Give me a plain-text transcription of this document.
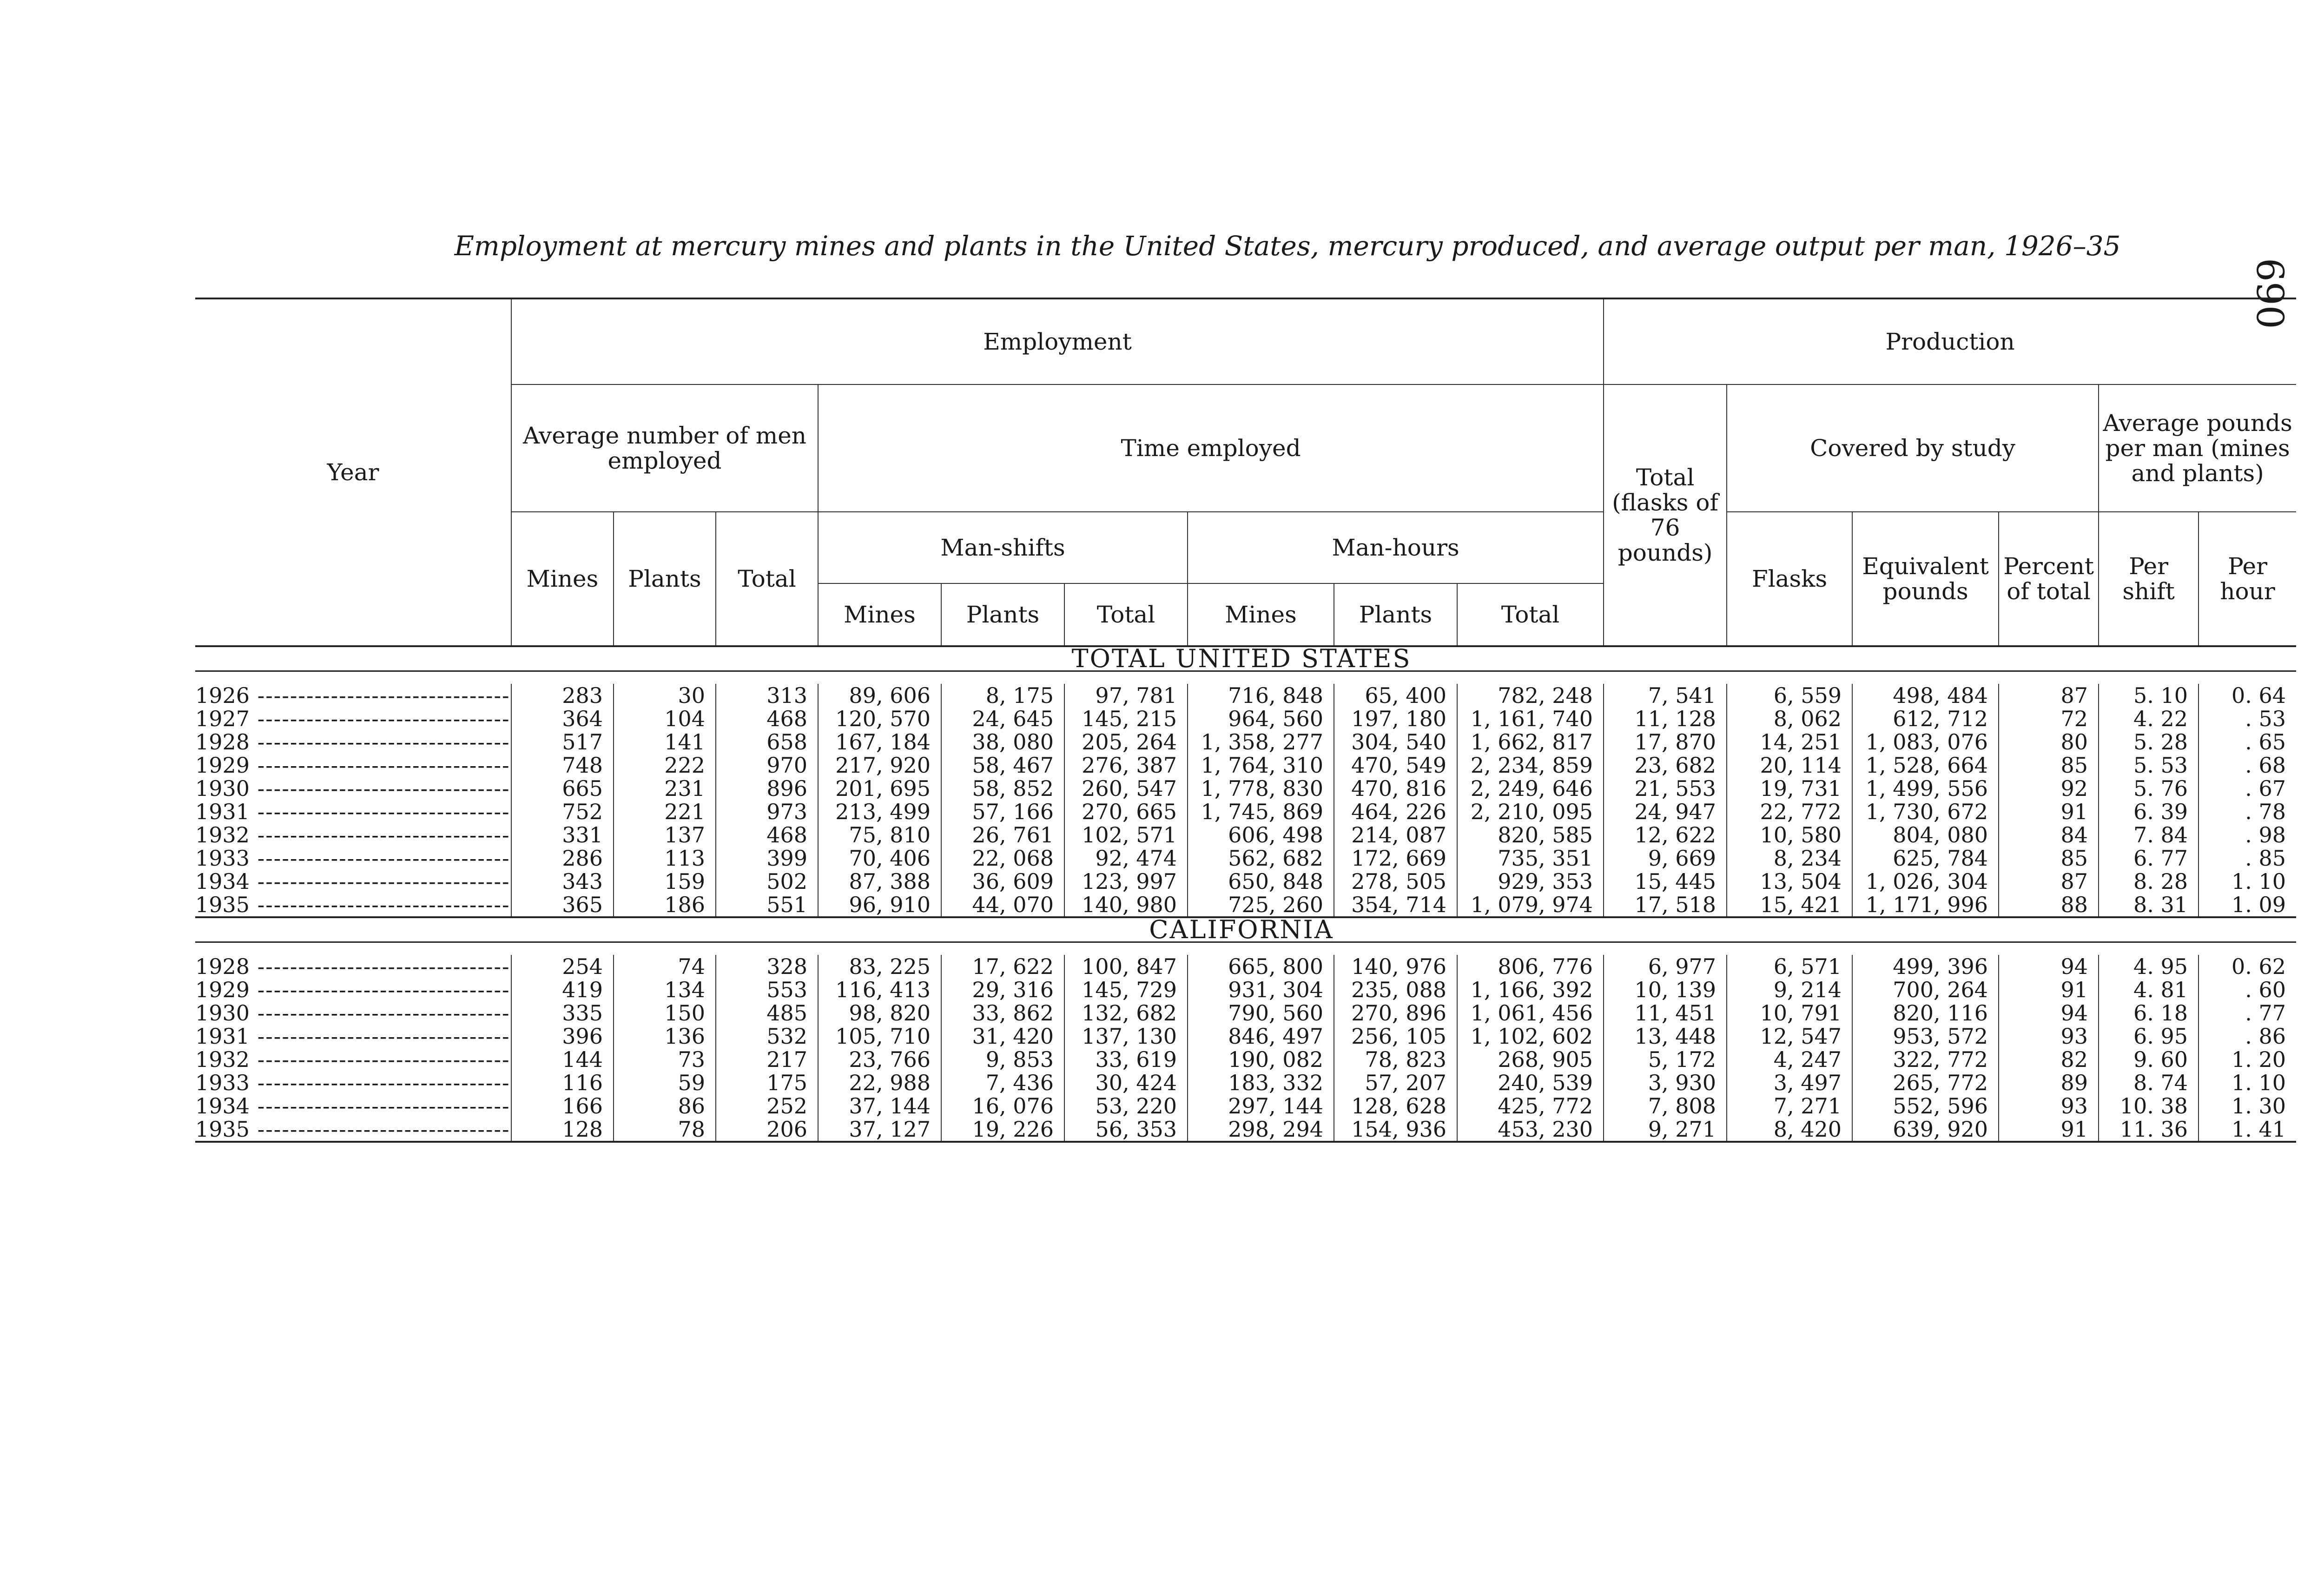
Employment at mercury mines and plants in the United States, mercury produced, and average output per man, 1926–35
690
Year	Employment									Production					
	Average number of men employed			Time employed						Total (flasks of 76 pounds)	Covered by study			Average pounds per man (mines and plants)	
	Mines	Plants	Total	Man-shifts			Man-hours				Flasks	Equivalent pounds	Percent of total	Per shift	Per hour
				Mines	Plants	Total	Mines	Plants	Total						
TOTAL UNITED STATES															

1926 -----	283	30	313	89, 606	8, 175	97, 781	716, 848	65, 400	782, 248	7, 541	6, 559	498, 484	87	5. 10	0. 64
1927 -----	364	104	468	120, 570	24, 645	145, 215	964, 560	197, 180	1, 161, 740	11, 128	8, 062	612, 712	72	4. 22	. 53
1928 -----	517	141	658	167, 184	38, 080	205, 264	1, 358, 277	304, 540	1, 662, 817	17, 870	14, 251	1, 083, 076	80	5. 28	. 65
1929 -----	748	222	970	217, 920	58, 467	276, 387	1, 764, 310	470, 549	2, 234, 859	23, 682	20, 114	1, 528, 664	85	5. 53	. 68
1930 -----	665	231	896	201, 695	58, 852	260, 547	1, 778, 830	470, 816	2, 249, 646	21, 553	19, 731	1, 499, 556	92	5. 76	. 67
1931 -----	752	221	973	213, 499	57, 166	270, 665	1, 745, 869	464, 226	2, 210, 095	24, 947	22, 772	1, 730, 672	91	6. 39	. 78
1932 -----	331	137	468	75, 810	26, 761	102, 571	606, 498	214, 087	820, 585	12, 622	10, 580	804, 080	84	7. 84	. 98
1933 -----	286	113	399	70, 406	22, 068	92, 474	562, 682	172, 669	735, 351	9, 669	8, 234	625, 784	85	6. 77	. 85
1934 -----	343	159	502	87, 388	36, 609	123, 997	650, 848	278, 505	929, 353	15, 445	13, 504	1, 026, 304	87	8. 28	1. 10
1935 -----	365	186	551	96, 910	44, 070	140, 980	725, 260	354, 714	1, 079, 974	17, 518	15, 421	1, 171, 996	88	8. 31	1. 09
CALIFORNIA															

1928 -----	254	74	328	83, 225	17, 622	100, 847	665, 800	140, 976	806, 776	6, 977	6, 571	499, 396	94	4. 95	0. 62
1929 -----	419	134	553	116, 413	29, 316	145, 729	931, 304	235, 088	1, 166, 392	10, 139	9, 214	700, 264	91	4. 81	. 60
1930 -----	335	150	485	98, 820	33, 862	132, 682	790, 560	270, 896	1, 061, 456	11, 451	10, 791	820, 116	94	6. 18	. 77
1931 -----	396	136	532	105, 710	31, 420	137, 130	846, 497	256, 105	1, 102, 602	13, 448	12, 547	953, 572	93	6. 95	. 86
1932 -----	144	73	217	23, 766	9, 853	33, 619	190, 082	78, 823	268, 905	5, 172	4, 247	322, 772	82	9. 60	1. 20
1933 -----	116	59	175	22, 988	7, 436	30, 424	183, 332	57, 207	240, 539	3, 930	3, 497	265, 772	89	8. 74	1. 10
1934 -----	166	86	252	37, 144	16, 076	53, 220	297, 144	128, 628	425, 772	7, 808	7, 271	552, 596	93	10. 38	1. 30
1935 -----	128	78	206	37, 127	19, 226	56, 353	298, 294	154, 936	453, 230	9, 271	8, 420	639, 920	91	11. 36	1. 41
